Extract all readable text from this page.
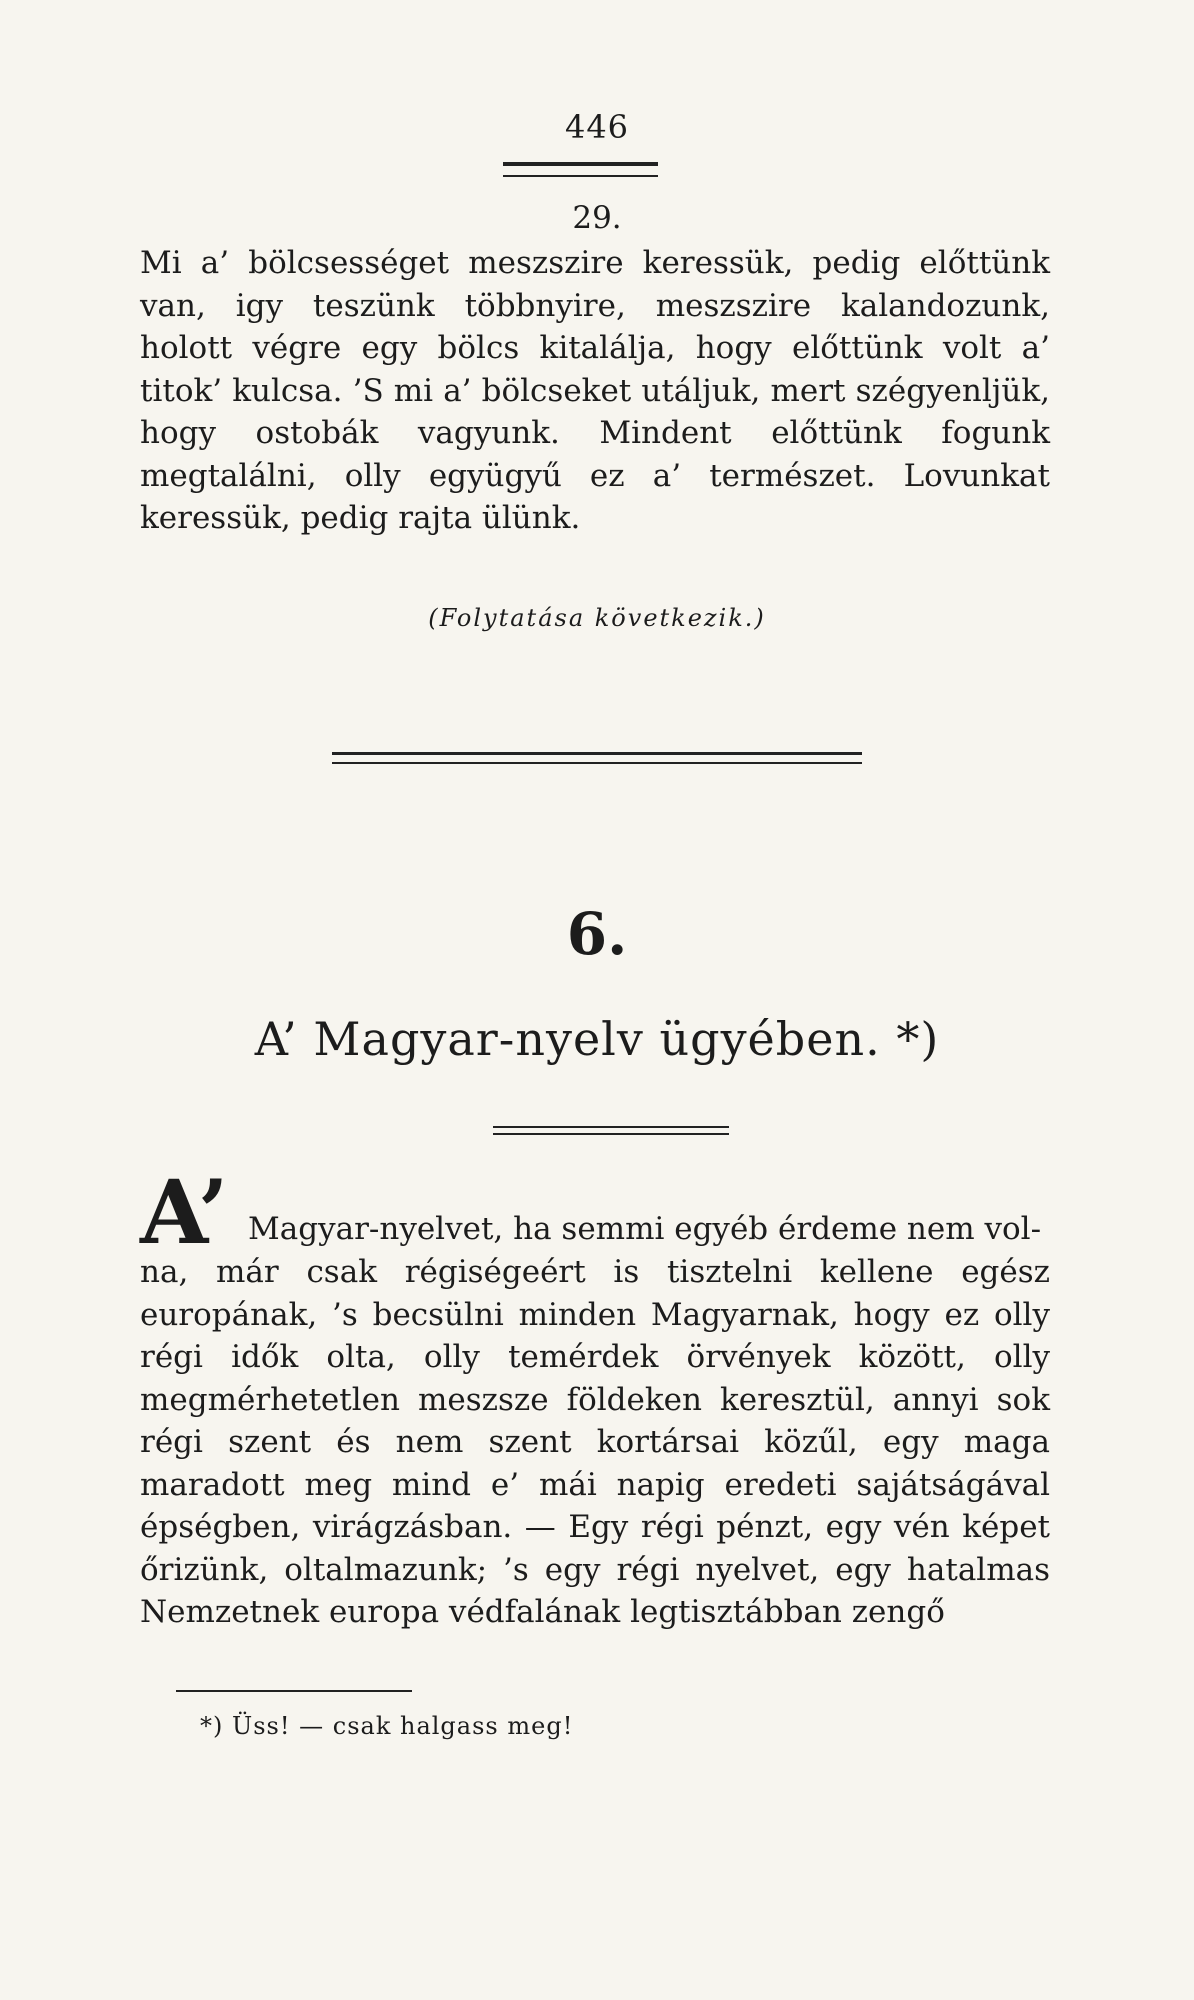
446
29.

Mi a’ bölcsességet meszszire keressük, pedig előttünk van, igy teszünk többnyire, meszszire kalandozunk, holott végre egy bölcs kitalálja, hogy előttünk volt a’ titok’ kulcsa. ’S mi a’ bölcseket utáljuk, mert szégyenljük, hogy ostobák vagyunk. Mindent előttünk fogunk megtalálni, olly együgyű ez a’ természet. Lovunkat keressük, pedig rajta ülünk.

(Folytatása következik.)
6.
A’ Magyar-nyelv ügyében. *)
A’ Magyar-nyelvet, ha semmi egyéb érdeme nem vol-

na, már csak régiségeért is tisztelni kellene egész europának, ’s becsülni minden Magyarnak, hogy ez olly régi idők olta, olly temérdek örvények között, olly megmérhetetlen meszsze földeken keresztül, annyi sok régi szent és nem szent kortársai közűl, egy maga maradott meg mind e’ mái napig eredeti sajátságával épségben, virágzásban. — Egy régi pénzt, egy vén képet őrizünk, oltalmazunk; ’s egy régi nyelvet, egy hatalmas Nemzetnek europa védfalának legtisztábban zengő

*) Üss! — csak halgass meg!
